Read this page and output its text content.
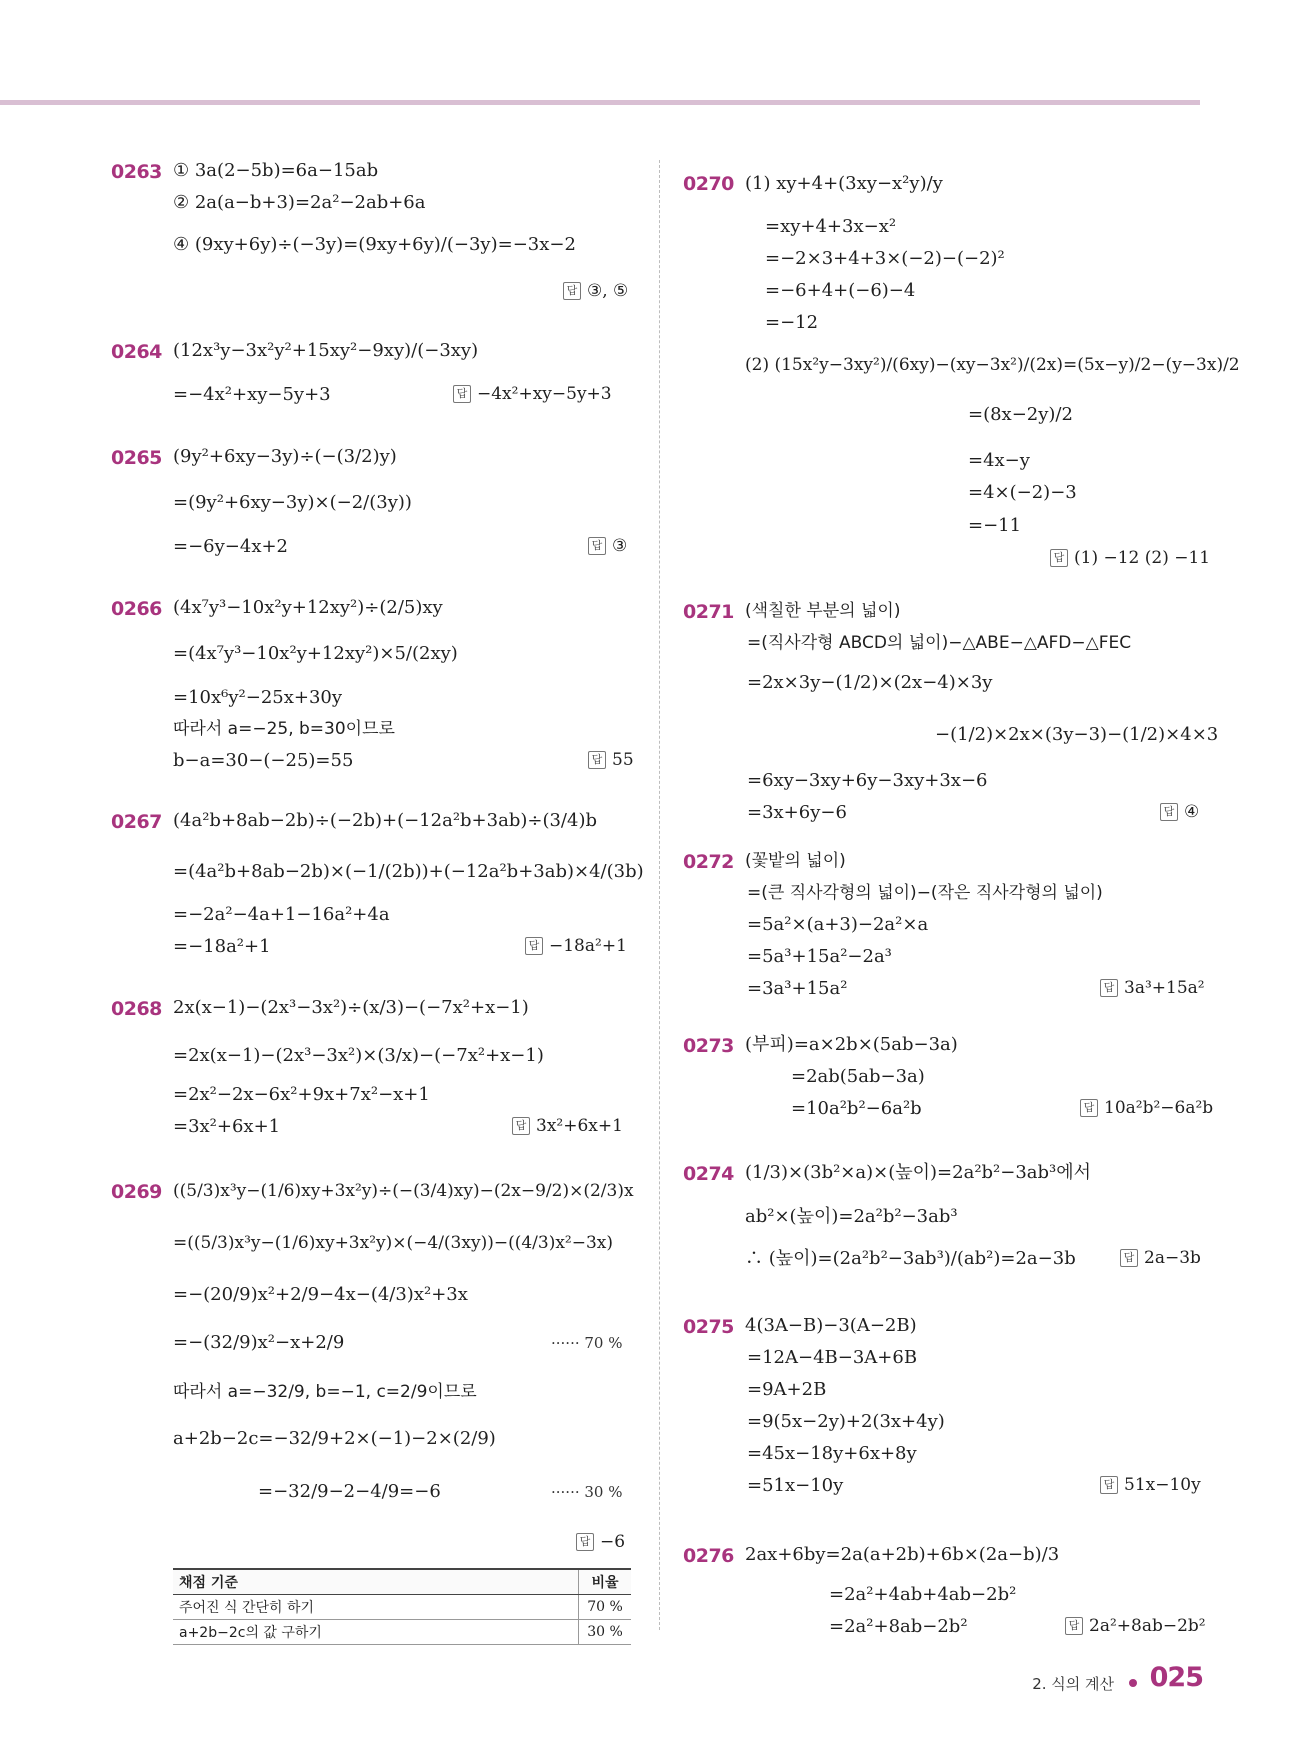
0263 ① 3a(2−5b)=6a−15ab
② 2a(a−b+3)=2a²−2ab+6a
④ (9xy+6y)÷(−3y)=(9xy+6y)/(−3y)=−3x−2
답 ③, ⑤
0264 (12x³y−3x²y²+15xy²−9xy)/(−3xy)
=−4x²+xy−5y+3	답 −4x²+xy−5y+3
0265 (9y²+6xy−3y)÷(−(3/2)y)
=(9y²+6xy−3y)×(−2/(3y))
=−6y−4x+2	답 ③
0266 (4x⁷y³−10x²y+12xy²)÷(2/5)xy
=(4x⁷y³−10x²y+12xy²)×5/(2xy)
=10x⁶y²−25x+30y
따라서 a=−25, b=30이므로
b−a=30−(−25)=55	답 55
0267 (4a²b+8ab−2b)÷(−2b)+(−12a²b+3ab)÷(3/4)b
=(4a²b+8ab−2b)×(−1/(2b))+(−12a²b+3ab)×4/(3b)
=−2a²−4a+1−16a²+4a
=−18a²+1	답 −18a²+1
0268 2x(x−1)−(2x³−3x²)÷(x/3)−(−7x²+x−1)
=2x(x−1)−(2x³−3x²)×(3/x)−(−7x²+x−1)
=2x²−2x−6x²+9x+7x²−x+1
=3x²+6x+1	답 3x²+6x+1
0269 ((5/3)x³y−(1/6)xy+3x²y)÷(−(3/4)xy)−(2x−9/2)×(2/3)x
=((5/3)x³y−(1/6)xy+3x²y)×(−4/(3xy))−((4/3)x²−3x)
=−(20/9)x²+2/9−4x−(4/3)x²+3x
=−(32/9)x²−x+2/9	······ 70 %
따라서 a=−32/9, b=−1, c=2/9이므로
a+2b−2c=−32/9+2×(−1)−2×(2/9)
=−32/9−2−4/9=−6	······ 30 %
답 −6
채점 기준	비율
주어진 식 간단히 하기	70 %
a+2b−2c의 값 구하기	30 %
0270 (1) xy+4+(3xy−x²y)/y
=xy+4+3x−x²
=−2×3+4+3×(−2)−(−2)²
=−6+4+(−6)−4
=−12
(2) (15x²y−3xy²)/(6xy)−(xy−3x²)/(2x)=(5x−y)/2−(y−3x)/2
=(8x−2y)/2
=4x−y
=4×(−2)−3
=−11
답 (1) −12 (2) −11
0271 (색칠한 부분의 넓이)
=(직사각형 ABCD의 넓이)−△ABE−△AFD−△FEC
=2x×3y−(1/2)×(2x−4)×3y
−(1/2)×2x×(3y−3)−(1/2)×4×3
=6xy−3xy+6y−3xy+3x−6
=3x+6y−6	답 ④
0272 (꽃밭의 넓이)
=(큰 직사각형의 넓이)−(작은 직사각형의 넓이)
=5a²×(a+3)−2a²×a
=5a³+15a²−2a³
=3a³+15a²	답 3a³+15a²
0273 (부피)=a×2b×(5ab−3a)
=2ab(5ab−3a)
=10a²b²−6a²b	답 10a²b²−6a²b
0274 (1/3)×(3b²×a)×(높이)=2a²b²−3ab³에서
ab²×(높이)=2a²b²−3ab³
∴ (높이)=(2a²b²−3ab³)/(ab²)=2a−3b	답 2a−3b
0275 4(3A−B)−3(A−2B)
=12A−4B−3A+6B
=9A+2B
=9(5x−2y)+2(3x+4y)
=45x−18y+6x+8y
=51x−10y	답 51x−10y
0276 2ax+6by=2a(a+2b)+6b×(2a−b)/3
=2a²+4ab+4ab−2b²
=2a²+8ab−2b²	답 2a²+8ab−2b²
2. 식의 계산 025
